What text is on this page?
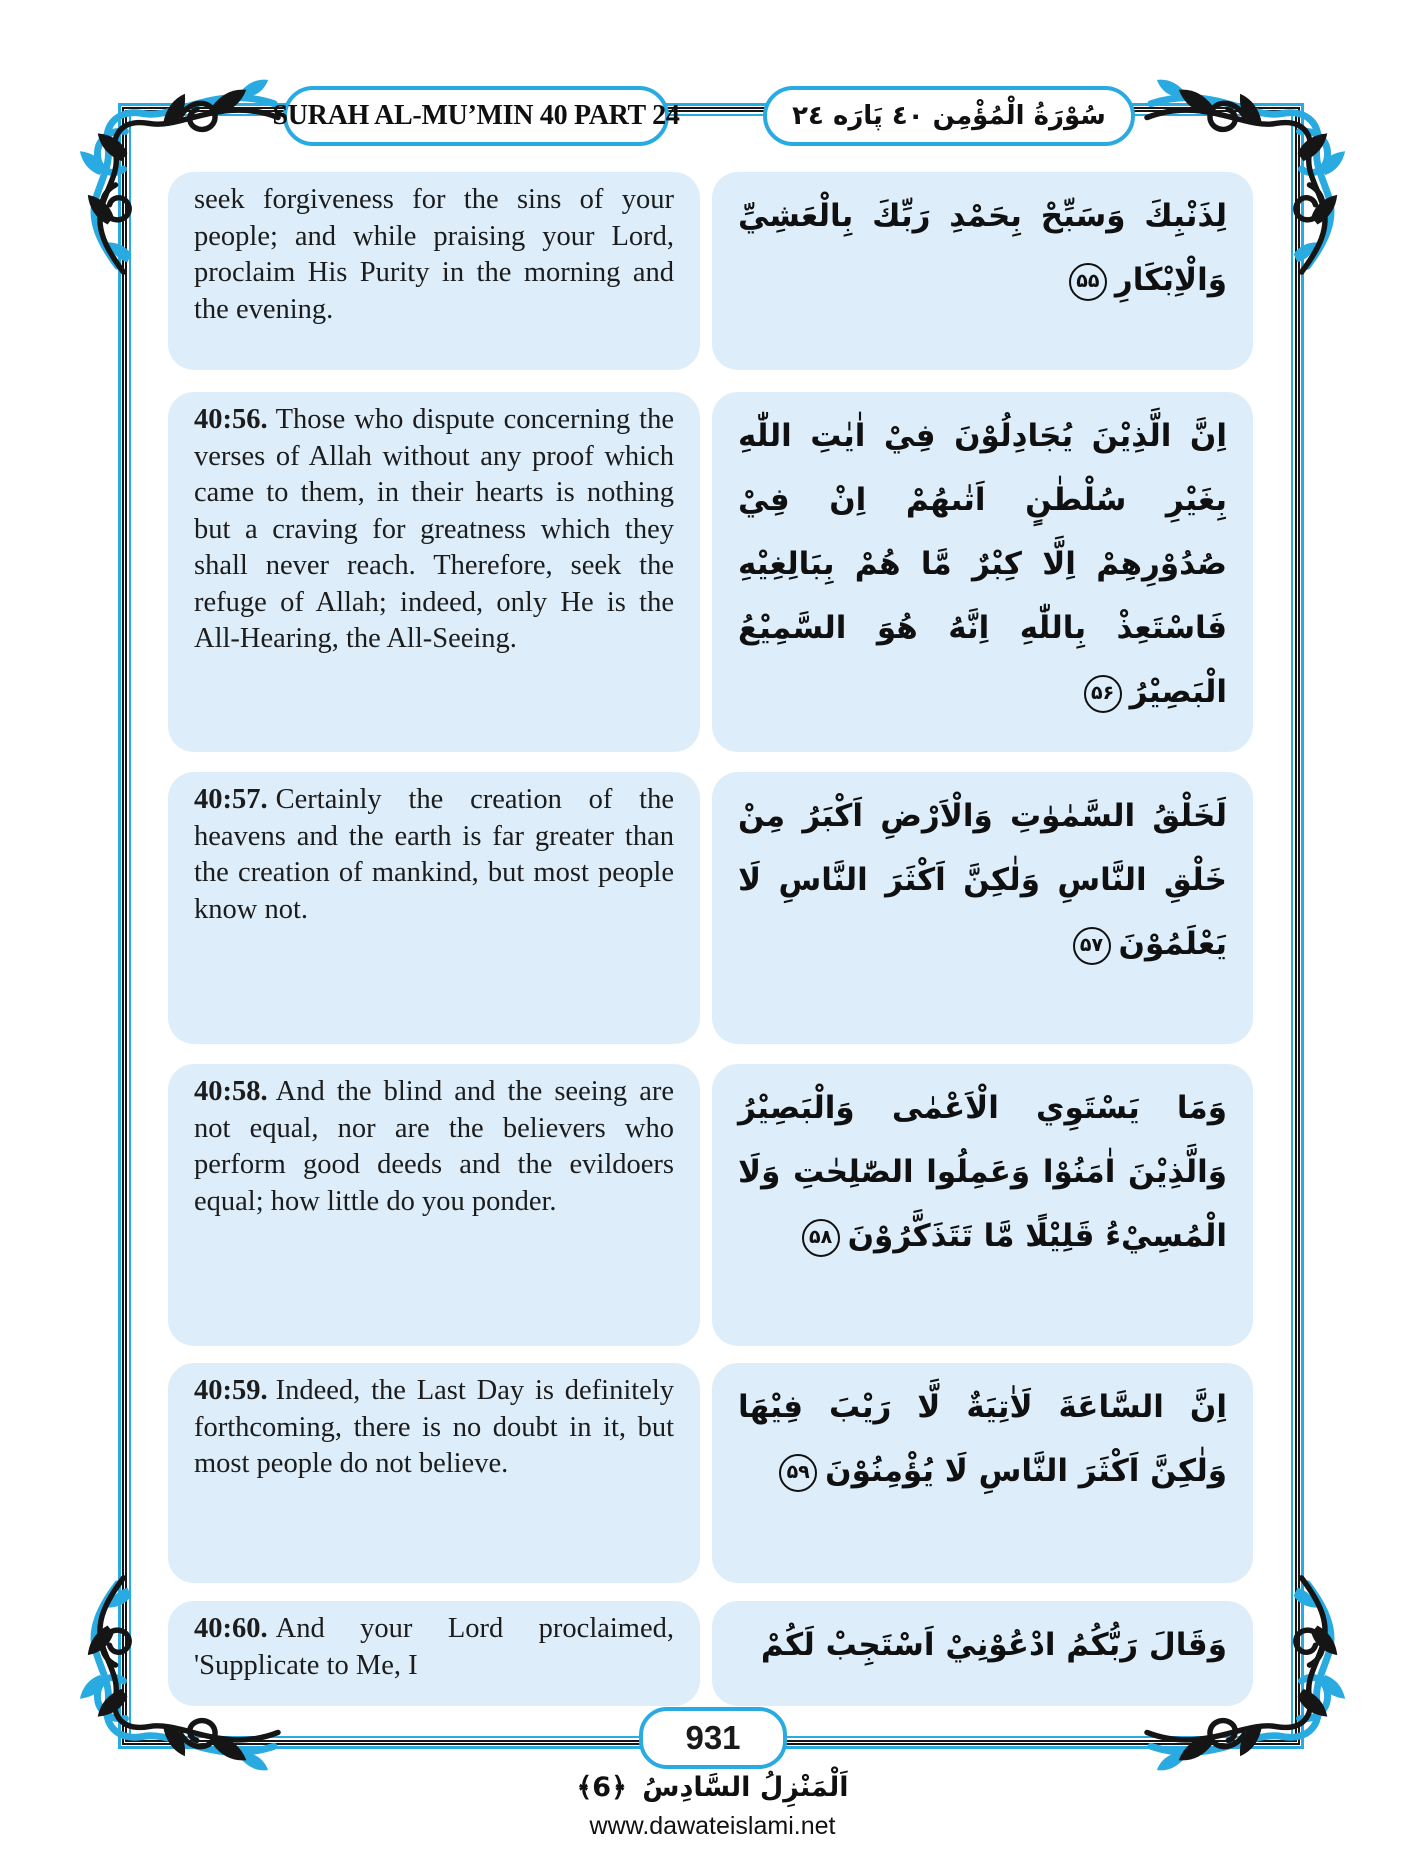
SURAH AL-MU’MIN 40 PART 24	سُوْرَةُ الْمُؤْمِن ٤٠ پَارَه ٢٤

seek forgiveness for the sins of your people; and while praising your Lord, proclaim His Purity in the morning and the evening.

لِذَنْبِكَ وَسَبِّحْ بِحَمْدِ رَبِّكَ بِالْعَشِيِّ وَالْاِبْكَارِ۵۵

40:56. Those who dispute concerning the verses of Allah without any proof which came to them, in their hearts is nothing but a craving for greatness which they shall never reach. Therefore, seek the refuge of Allah; indeed, only He is the All-Hearing, the All-Seeing.

اِنَّ الَّذِيْنَ يُجَادِلُوْنَ فِيْ اٰيٰتِ اللّٰهِ بِغَيْرِ سُلْطٰنٍ اَتٰىهُمْ اِنْ فِيْ صُدُوْرِهِمْ اِلَّا كِبْرٌ مَّا هُمْ بِبَالِغِيْهِ فَاسْتَعِذْ بِاللّٰهِ اِنَّهُ هُوَ السَّمِيْعُ الْبَصِيْرُ۵۶

40:57. Certainly the creation of the heavens and the earth is far greater than the creation of mankind, but most people know not.

لَخَلْقُ السَّمٰوٰتِ وَالْاَرْضِ اَكْبَرُ مِنْ خَلْقِ النَّاسِ وَلٰكِنَّ اَكْثَرَ النَّاسِ لَا يَعْلَمُوْنَ۵۷

40:58. And the blind and the seeing are not equal, nor are the believers who perform good deeds and the evildoers equal; how little do you ponder.

وَمَا يَسْتَوِي الْاَعْمٰى وَالْبَصِيْرُ وَالَّذِيْنَ اٰمَنُوْا وَعَمِلُوا الصّٰلِحٰتِ وَلَا الْمُسِيْءُ قَلِيْلًا مَّا تَتَذَكَّرُوْنَ۵۸

40:59. Indeed, the Last Day is definitely forthcoming, there is no doubt in it, but most people do not believe.

اِنَّ السَّاعَةَ لَاٰتِيَةٌ لَّا رَيْبَ فِيْهَا وَلٰكِنَّ اَكْثَرَ النَّاسِ لَا يُؤْمِنُوْنَ۵۹

40:60. And your Lord proclaimed, 'Supplicate to Me, I

وَقَالَ رَبُّكُمُ ادْعُوْنِيْ اَسْتَجِبْ لَكُمْ

931
اَلْمَنْزِلُ السَّادِسُ ﴿6﴾
www.dawateislami.net
